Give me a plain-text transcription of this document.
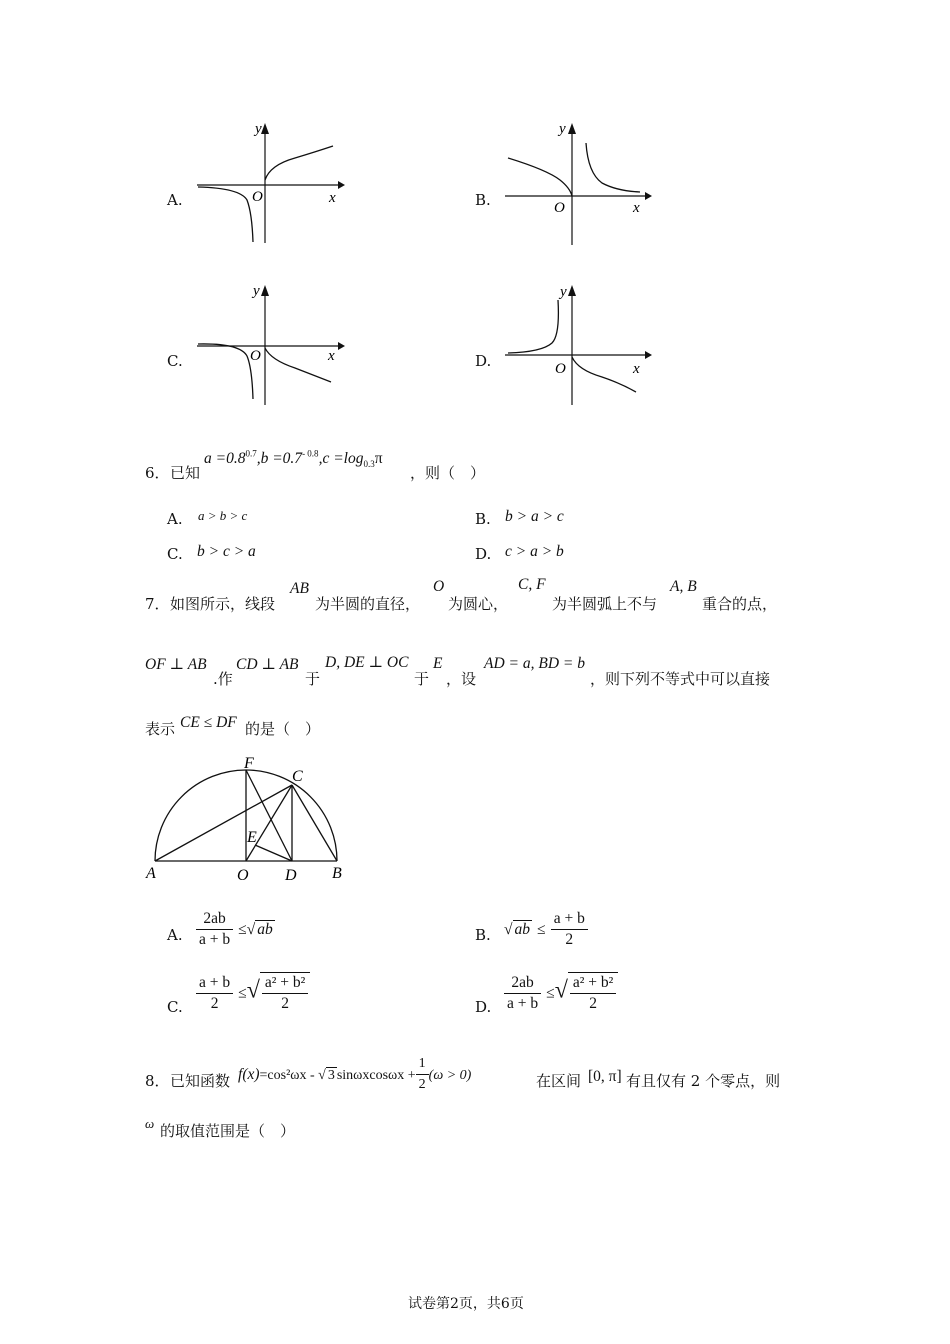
A.
y
O	x	B.
y
O	x
C.
y
O	x	D.
y
O	x
6． 已知
$a =0.8^{0.7},b =0.7^{- 0.8},c =\log_{0.3}\pi$
，则（　）
A. a > b > c	B. b > a > c
C. b > c > a	D. c > a > b
7． 如图所示，线段
AB
为半圆的直径，
O
为圆心，
C, F
为半圆弧上不与
A, B
重合的点，
OF ⊥ AB
.作
CD ⊥ AB
于
D, DE ⊥ OC
于
E
，设
AD = a, BD = b
，则下列不等式中可以直接
表示 CE ≤ DF 的是（　）
F
C
E
A	O D B
A. $\frac{2ab}{a + b}$ ≤√ ab	B. √ ab ≤ $\frac{a + b}{2}$
C. $\frac{a + b}{2}$ ≤√ $\frac{\text{a² + b²}}{2}$	D. $\frac{2ab}{a + b}$ ≤√ $\frac{\text{a² + b²}}{2}$
8． 已知函数 f(x)=cos²ωx - √ 3 $\sin\omega xcos\omega x + \frac{1}{2} (\omega > 0)$	在区间 [0, π] 有且仅有 2 个零点，则
ω 的取值范围是（　）
试卷第2页，共6页
